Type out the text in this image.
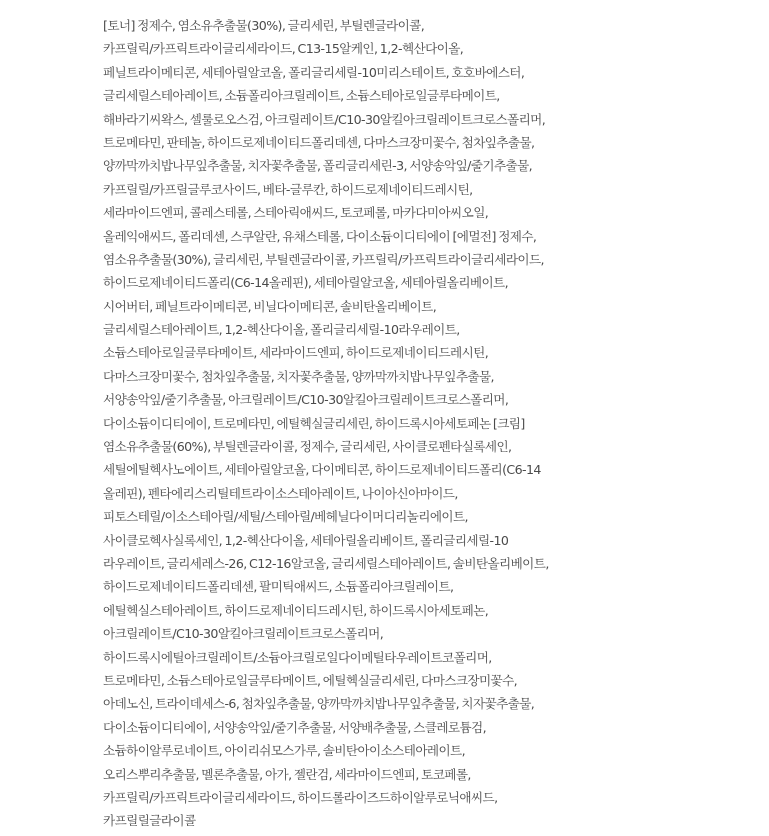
[토너] 정제수, 염소유추출물(30%), 글리세린, 부틸렌글라이콜,
카프릴릭/카프릭트라이글리세라이드, C13-15알케인, 1,2-헥산다이올,
페닐트라이메티콘, 세테아릴알코올, 폴리글리세릴-10미리스테이트, 호호바에스터,
글리세릴스테아레이트, 소듐폴리아크릴레이트, 소듐스테아로일글루타메이트,
해바라기씨왁스, 셀룰로오스검, 아크릴레이트/C10-30알킬아크릴레이트크로스폴리머,
트로메타민, 판테놀, 하이드로제네이티드폴리데센, 다마스크장미꽃수, 첨차잎추출물,
양까막까치밥나무잎추출물, 치자꽃추출물, 폴리글리세린-3, 서양송악잎/줄기추출물,
카프릴릴/카프릴글루코사이드, 베타-글루칸, 하이드로제네이티드레시틴,
세라마이드엔피, 콜레스테롤, 스테아릭애씨드, 토코페롤, 마카다미아씨오일,
올레익애씨드, 폴리데센, 스쿠알란, 유채스테롤, 다이소듐이디티에이 [에멀전] 정제수,
염소유추출물(30%), 글리세린, 부틸렌글라이콜, 카프릴릭/카프릭트라이글리세라이드,
하이드로제네이티드폴리(C6-14올레핀), 세테아릴알코올, 세테아릴올리베이트,
시어버터, 페닐트라이메티콘, 비닐다이메티콘, 솔비탄올리베이트,
글리세릴스테아레이트, 1,2-헥산다이올, 폴리글리세릴-10라우레이트,
소듐스테아로일글루타메이트, 세라마이드엔피, 하이드로제네이티드레시틴,
다마스크장미꽃수, 첨차잎추출물, 치자꽃추출물, 양까막까치밥나무잎추출물,
서양송악잎/줄기추출물, 아크릴레이트/C10-30알킬아크릴레이트크로스폴리머,
다이소듐이디티에이, 트로메타민, 에틸헥실글리세린, 하이드록시아세토페논 [크림]
염소유추출물(60%), 부틸렌글라이콜, 정제수, 글리세린, 사이클로펜타실록세인,
세틸에틸헥사노에이트, 세테아릴알코올, 다이메티콘, 하이드로제네이티드폴리(C6-14
올레핀), 펜타에리스리틸테트라이소스테아레이트, 나이아신아마이드,
피토스테릴/이소스테아릴/세틸/스테아릴/베헤닐다이머디리놀리에이트,
사이클로헥사실록세인, 1,2-헥산다이올, 세테아릴올리베이트, 폴리글리세릴-10
라우레이트, 글리세레스-26, C12-16알코올, 글리세릴스테아레이트, 솔비탄올리베이트,
하이드로제네이티드폴리데센, 팔미틱애씨드, 소듐폴리아크릴레이트,
에틸헥실스테아레이트, 하이드로제네이티드레시틴, 하이드록시아세토페논,
아크릴레이트/C10-30알킬아크릴레이트크로스폴리머,
하이드록시에틸아크릴레이트/소듐아크릴로일다이메틸타우레이트코폴리머,
트로메타민, 소듐스테아로일글루타메이트, 에틸헥실글리세린, 다마스크장미꽃수,
아데노신, 트라이데세스-6, 첨차잎추출물, 양까막까치밥나무잎추출물, 치자꽃추출물,
다이소듐이디티에이, 서양송악잎/줄기추출물, 서양배추출물, 스클레로튬검,
소듐하이알루로네이트, 아이리쉬모스가루, 솔비탄아이소스테아레이트,
오리스뿌리추출물, 멜론추출물, 아가, 젤란검, 세라마이드엔피, 토코페롤,
카프릴릭/카프릭트라이글리세라이드, 하이드롤라이즈드하이알루로닉애씨드,
카프릴릴글라이콜
